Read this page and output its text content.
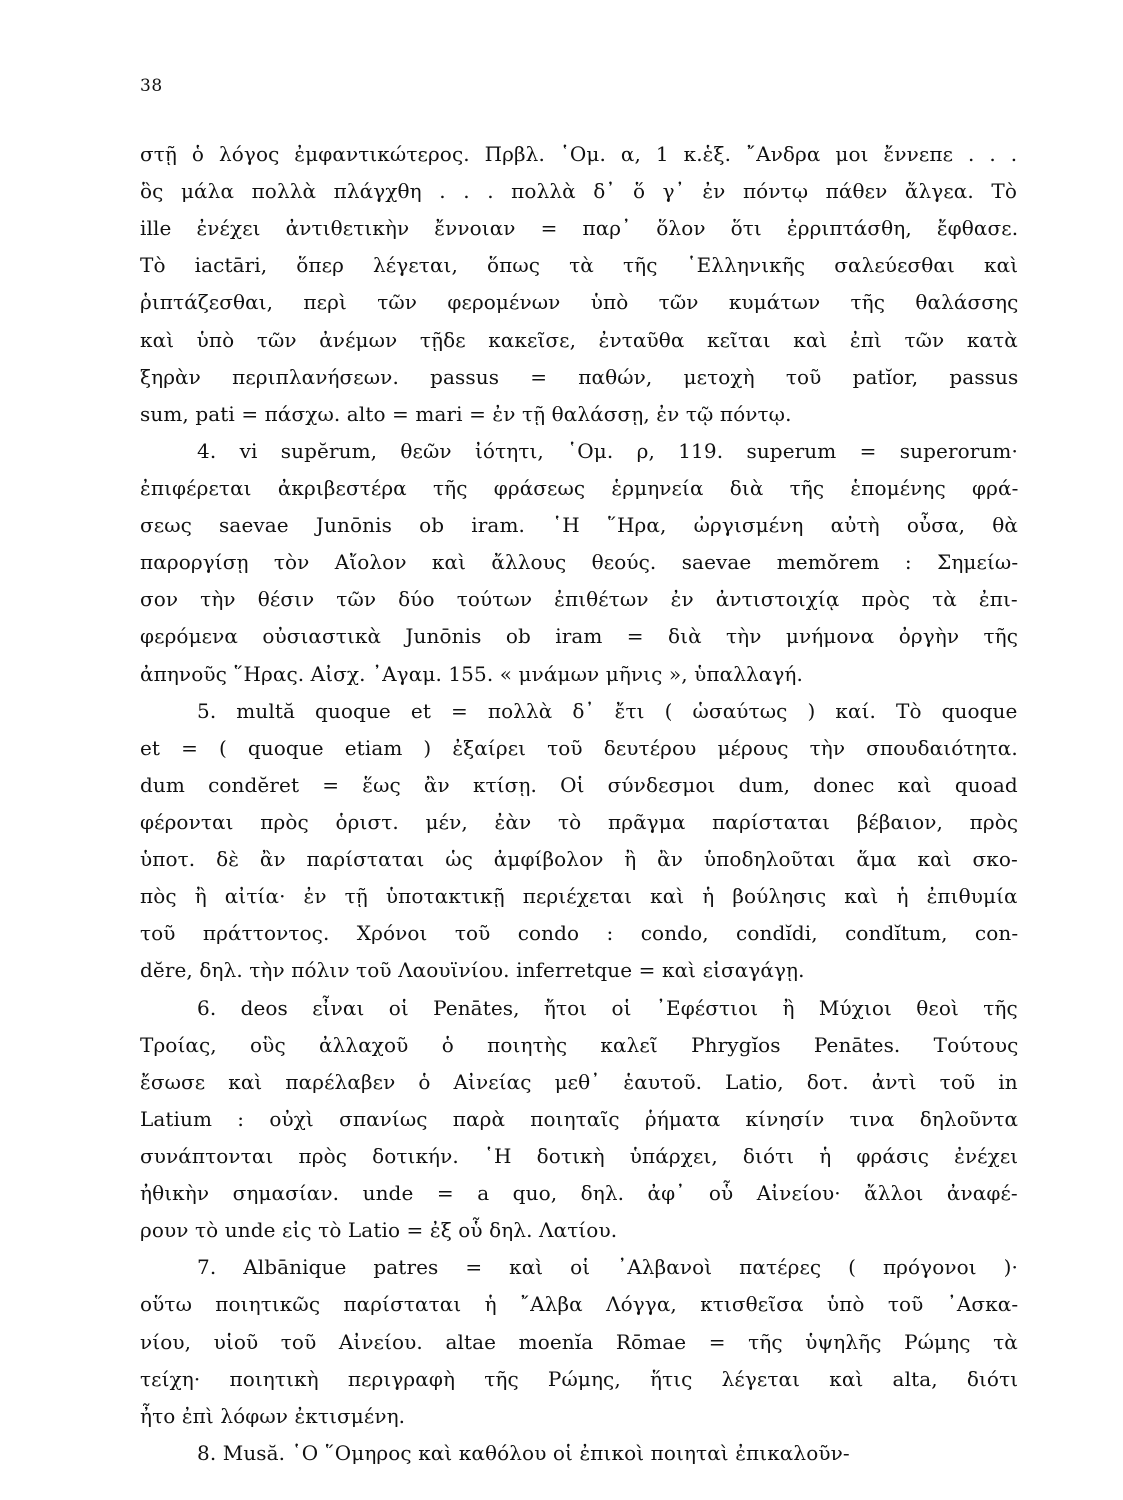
38
στῇ ὁ λόγος ἐμφαντικώτερος. Πρβλ. ῾Ομ. α, 1 κ.ἑξ. ῎Ανδρα μοι ἔννεπε . . .
ὃς μάλα πολλὰ πλάγχθη . . . πολλὰ δ᾿ ὅ γ᾿ ἐν πόντῳ πάθεν ἄλγεα. Τὸ
ille ἐνέχει ἀντιθετικὴν ἔννοιαν = παρ᾿ ὅλον ὅτι ἐρριπτάσθη, ἔφθασε.
Τὸ iactāri, ὅπερ λέγεται, ὅπως τὰ τῆς ῾Ελληνικῆς σαλεύεσθαι καὶ
ῥιπτάζεσθαι, περὶ τῶν φερομένων ὑπὸ τῶν κυμάτων τῆς θαλάσσης
καὶ ὑπὸ τῶν ἀνέμων τῇδε κακεῖσε, ἐνταῦθα κεῖται καὶ ἐπὶ τῶν κατὰ
ξηρὰν περιπλανήσεων. passus = παθών, μετοχὴ τοῦ patĭor, passus
sum, pati = πάσχω. alto = mari = ἐν τῇ θαλάσσῃ, ἐν τῷ πόντῳ.
4. vi supĕrum, θεῶν ἰότητι, ῾Ομ. ρ, 119. superum = superorum·
ἐπιφέρεται ἀκριβεστέρα τῆς φράσεως ἑρμηνεία διὰ τῆς ἑπομένης φρά-
σεως saevae Junōnis ob iram. ῾Η ῞Ηρα, ὠργισμένη αὐτὴ οὖσα, θὰ
παροργίσῃ τὸν Αἴολον καὶ ἄλλους θεούς. saevae memŏrem : Σημείω-
σον τὴν θέσιν τῶν δύο τούτων ἐπιθέτων ἐν ἀντιστοιχίᾳ πρὸς τὰ ἐπι-
φερόμενα οὐσιαστικὰ Junōnis ob iram = διὰ τὴν μνήμονα ὀργὴν τῆς
ἀπηνοῦς ῞Ηρας. Αἰσχ. ᾿Αγαμ. 155. « μνάμων μῆνις », ὑπαλλαγή.
5. multă quoque et = πολλὰ δ᾿ ἔτι ( ὡσαύτως ) καί. Τὸ quoque
et = ( quoque etiam ) ἐξαίρει τοῦ δευτέρου μέρους τὴν σπουδαιότητα.
dum condĕret = ἕως ἂν κτίσῃ. Οἱ σύνδεσμοι dum, donec καὶ quoad
φέρονται πρὸς ὁριστ. μέν, ἐὰν τὸ πρᾶγμα παρίσταται βέβαιον, πρὸς
ὑποτ. δὲ ἂν παρίσταται ὡς ἀμφίβολον ἢ ἂν ὑποδηλοῦται ἅμα καὶ σκο-
πὸς ἢ αἰτία· ἐν τῇ ὑποτακτικῇ περιέχεται καὶ ἡ βούλησις καὶ ἡ ἐπιθυμία
τοῦ πράττοντος. Χρόνοι τοῦ condo : condo, condĭdi, condĭtum, con-
dĕre, δηλ. τὴν πόλιν τοῦ Λαουϊνίου. inferretque = καὶ εἰσαγάγῃ.
6. deos εἶναι οἱ Penātes, ἤτοι οἱ ᾿Εφέστιοι ἢ Μύχιοι θεοὶ τῆς
Τροίας, οὓς ἀλλαχοῦ ὁ ποιητὴς καλεῖ Phrygĭos Penātes. Τούτους
ἔσωσε καὶ παρέλαβεν ὁ Αἰνείας μεθ᾿ ἑαυτοῦ. Latio, δοτ. ἀντὶ τοῦ in
Latium : οὐχὶ σπανίως παρὰ ποιηταῖς ῥήματα κίνησίν τινα δηλοῦντα
συνάπτονται πρὸς δοτικήν. ῾Η δοτικὴ ὑπάρχει, διότι ἡ φράσις ἐνέχει
ἠθικὴν σημασίαν. unde = a quo, δηλ. ἀφ᾿ οὗ Αἰνείου· ἄλλοι ἀναφέ-
ρουν τὸ unde εἰς τὸ Latio = ἐξ οὗ δηλ. Λατίου.
7. Albānique patres = καὶ οἱ ᾿Αλβανοὶ πατέρες ( πρόγονοι )·
οὕτω ποιητικῶς παρίσταται ἡ ῎Αλβα Λόγγα, κτισθεῖσα ὑπὸ τοῦ ᾿Ασκα-
νίου, υἱοῦ τοῦ Αἰνείου. altae moenĭa Rōmae = τῆς ὑψηλῆς Ρώμης τὰ
τείχη· ποιητικὴ περιγραφὴ τῆς Ρώμης, ἥτις λέγεται καὶ alta, διότι
ἦτο ἐπὶ λόφων ἐκτισμένη.
8. Musă. ῾Ο ῞Ομηρος καὶ καθόλου οἱ ἐπικοὶ ποιηταὶ ἐπικαλοῦν-
